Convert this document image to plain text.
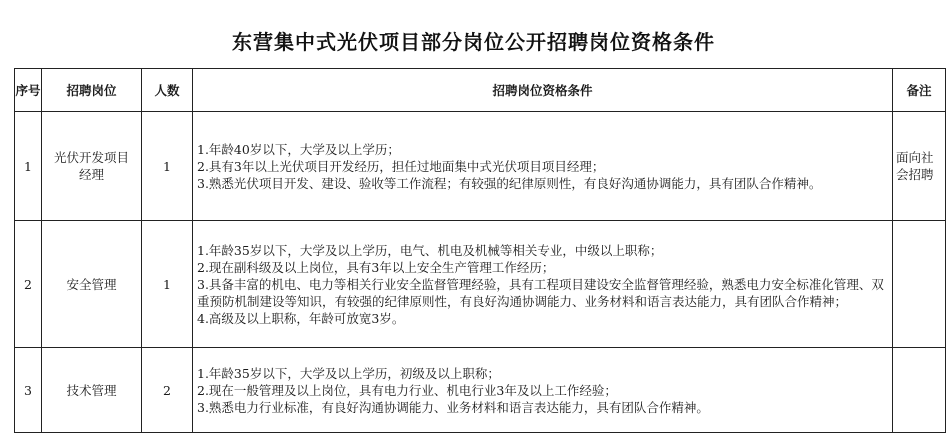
东营集中式光伏项目部分岗位公开招聘岗位资格条件
序号	招聘岗位	人数	招聘岗位资格条件	备注
1	光伏开发项目经理	1	1.年龄40岁以下，大学及以上学历；
2.具有3年以上光伏项目开发经历，担任过地面集中式光伏项目项目经理；
3.熟悉光伏项目开发、建设、验收等工作流程；有较强的纪律原则性，有良好沟通协调能力，具有团队合作精神。	面向社会招聘
2	安全管理	1	1.年龄35岁以下，大学及以上学历，电气、机电及机械等相关专业，中级以上职称；
2.现在副科级及以上岗位，具有3年以上安全生产管理工作经历；
3.具备丰富的机电、电力等相关行业安全监督管理经验，具有工程项目建设安全监督管理经验，熟悉电力安全标准化管理、双重预防机制建设等知识，有较强的纪律原则性，有良好沟通协调能力、业务材料和语言表达能力，具有团队合作精神；
4.高级及以上职称，年龄可放宽3岁。	

3	技术管理	2	1.年龄35岁以下，大学及以上学历，初级及以上职称；
2.现在一般管理及以上岗位，具有电力行业、机电行业3年及以上工作经验；
3.熟悉电力行业标准，有良好沟通协调能力、业务材料和语言表达能力，具有团队合作精神。	
